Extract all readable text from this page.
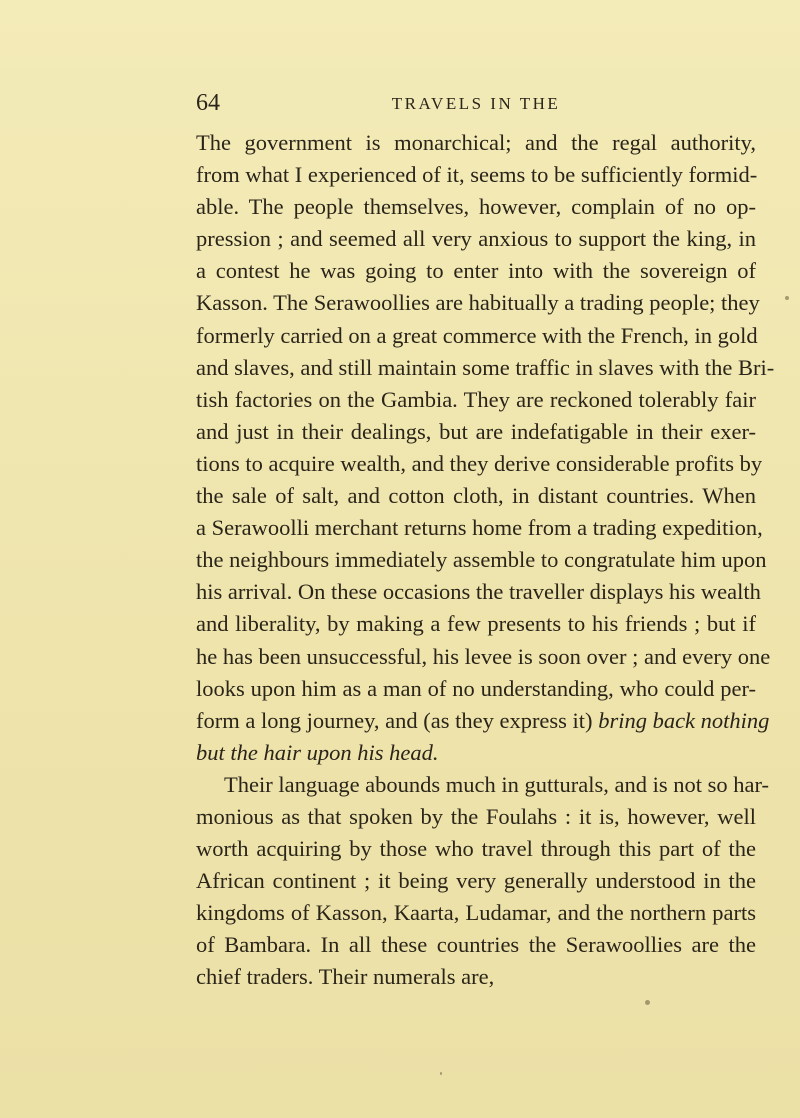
64	TRAVELS IN THE
The government is monarchical; and the regal authority,
from what I experienced of it, seems to be sufficiently formid-
able. The people themselves, however, complain of no op-
pression ; and seemed all very anxious to support the king, in
a contest he was going to enter into with the sovereign of
Kasson. The Serawoollies are habitually a trading people; they
formerly carried on a great commerce with the French, in gold
and slaves, and still maintain some traffic in slaves with the Bri-
tish factories on the Gambia. They are reckoned tolerably fair
and just in their dealings, but are indefatigable in their exer-
tions to acquire wealth, and they derive considerable profits by
the sale of salt, and cotton cloth, in distant countries. When
a Serawoolli merchant returns home from a trading expedition,
the neighbours immediately assemble to congratulate him upon
his arrival. On these occasions the traveller displays his wealth
and liberality, by making a few presents to his friends ; but if
he has been unsuccessful, his levee is soon over ; and every one
looks upon him as a man of no understanding, who could per-
form a long journey, and (as they express it) bring back nothing
but the hair upon his head.
Their language abounds much in gutturals, and is not so har-
monious as that spoken by the Foulahs : it is, however, well
worth acquiring by those who travel through this part of the
African continent ; it being very generally understood in the
kingdoms of Kasson, Kaarta, Ludamar, and the northern parts
of Bambara. In all these countries the Serawoollies are the
chief traders. Their numerals are,
